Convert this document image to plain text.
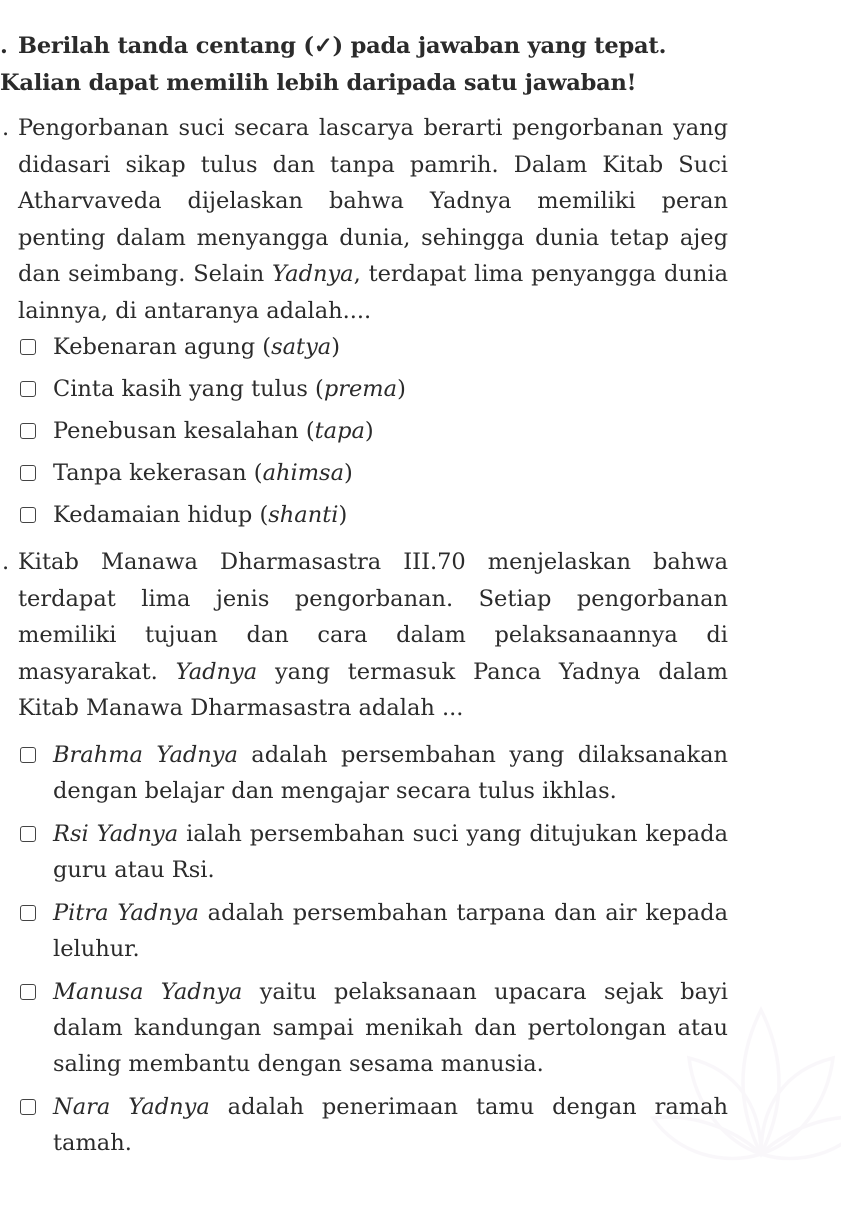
. Berilah tanda centang (✓) pada jawaban yang tepat. Kalian dapat memilih lebih daripada satu jawaban!

. Pengorbanan suci secara lascarya berarti pengorbanan yang didasari sikap tulus dan tanpa pamrih. Dalam Kitab Suci Atharvaveda dijelaskan bahwa Yadnya memiliki peran penting dalam menyangga dunia, sehingga dunia tetap ajeg dan seimbang. Selain Yadnya, terdapat lima penyangga dunia lainnya, di antaranya adalah....

Kebenaran agung (satya)
Cinta kasih yang tulus (prema)
Penebusan kesalahan (tapa)
Tanpa kekerasan (ahimsa)
Kedamaian hidup (shanti)

. Kitab Manawa Dharmasastra III.70 menjelaskan bahwa terdapat lima jenis pengorbanan. Setiap pengorbanan memiliki tujuan dan cara dalam pelaksanaannya di masyarakat. Yadnya yang termasuk Panca Yadnya dalam Kitab Manawa Dharmasastra adalah ...

Brahma Yadnya adalah persembahan yang dilaksanakan dengan belajar dan mengajar secara tulus ikhlas.
Rsi Yadnya ialah persembahan suci yang ditujukan kepada guru atau Rsi.
Pitra Yadnya adalah persembahan tarpana dan air kepada leluhur.
Manusa Yadnya yaitu pelaksanaan upacara sejak bayi dalam kandungan sampai menikah dan pertolongan atau saling membantu dengan sesama manusia.
Nara Yadnya adalah penerimaan tamu dengan ramah tamah.
